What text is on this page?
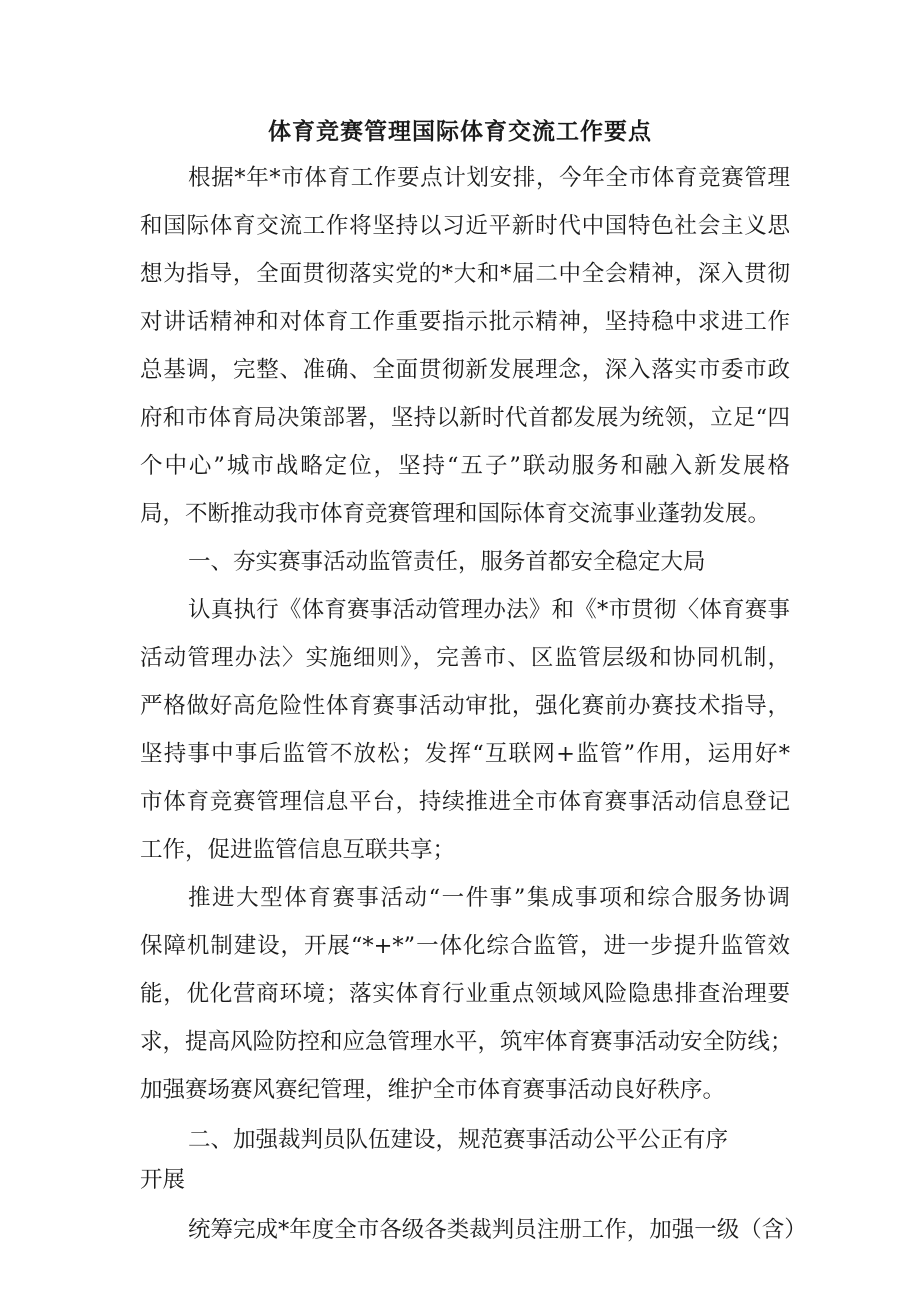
体育竞赛管理国际体育交流工作要点
根据*年*市体育工作要点计划安排，今年全市体育竞赛管理
和国际体育交流工作将坚持以习近平新时代中国特色社会主义思
想为指导，全面贯彻落实党的*大和*届二中全会精神，深入贯彻
对讲话精神和对体育工作重要指示批示精神，坚持稳中求进工作
总基调，完整、准确、全面贯彻新发展理念，深入落实市委市政
府和市体育局决策部署，坚持以新时代首都发展为统领，立足“四
个中心”城市战略定位，坚持“五子”联动服务和融入新发展格
局，不断推动我市体育竞赛管理和国际体育交流事业蓬勃发展。
一、夯实赛事活动监管责任，服务首都安全稳定大局
认真执行《体育赛事活动管理办法》和《*市贯彻〈体育赛事
活动管理办法〉实施细则》，完善市、区监管层级和协同机制，
严格做好高危险性体育赛事活动审批，强化赛前办赛技术指导，
坚持事中事后监管不放松；发挥“互联网+监管”作用，运用好*
市体育竞赛管理信息平台，持续推进全市体育赛事活动信息登记
工作，促进监管信息互联共享；
推进大型体育赛事活动“一件事”集成事项和综合服务协调
保障机制建设，开展“*+*”一体化综合监管，进一步提升监管效
能，优化营商环境；落实体育行业重点领域风险隐患排查治理要
求，提高风险防控和应急管理水平，筑牢体育赛事活动安全防线；
加强赛场赛风赛纪管理，维护全市体育赛事活动良好秩序。
二、加强裁判员队伍建设，规范赛事活动公平公正有序
开展
统筹完成*年度全市各级各类裁判员注册工作，加强一级（含）
